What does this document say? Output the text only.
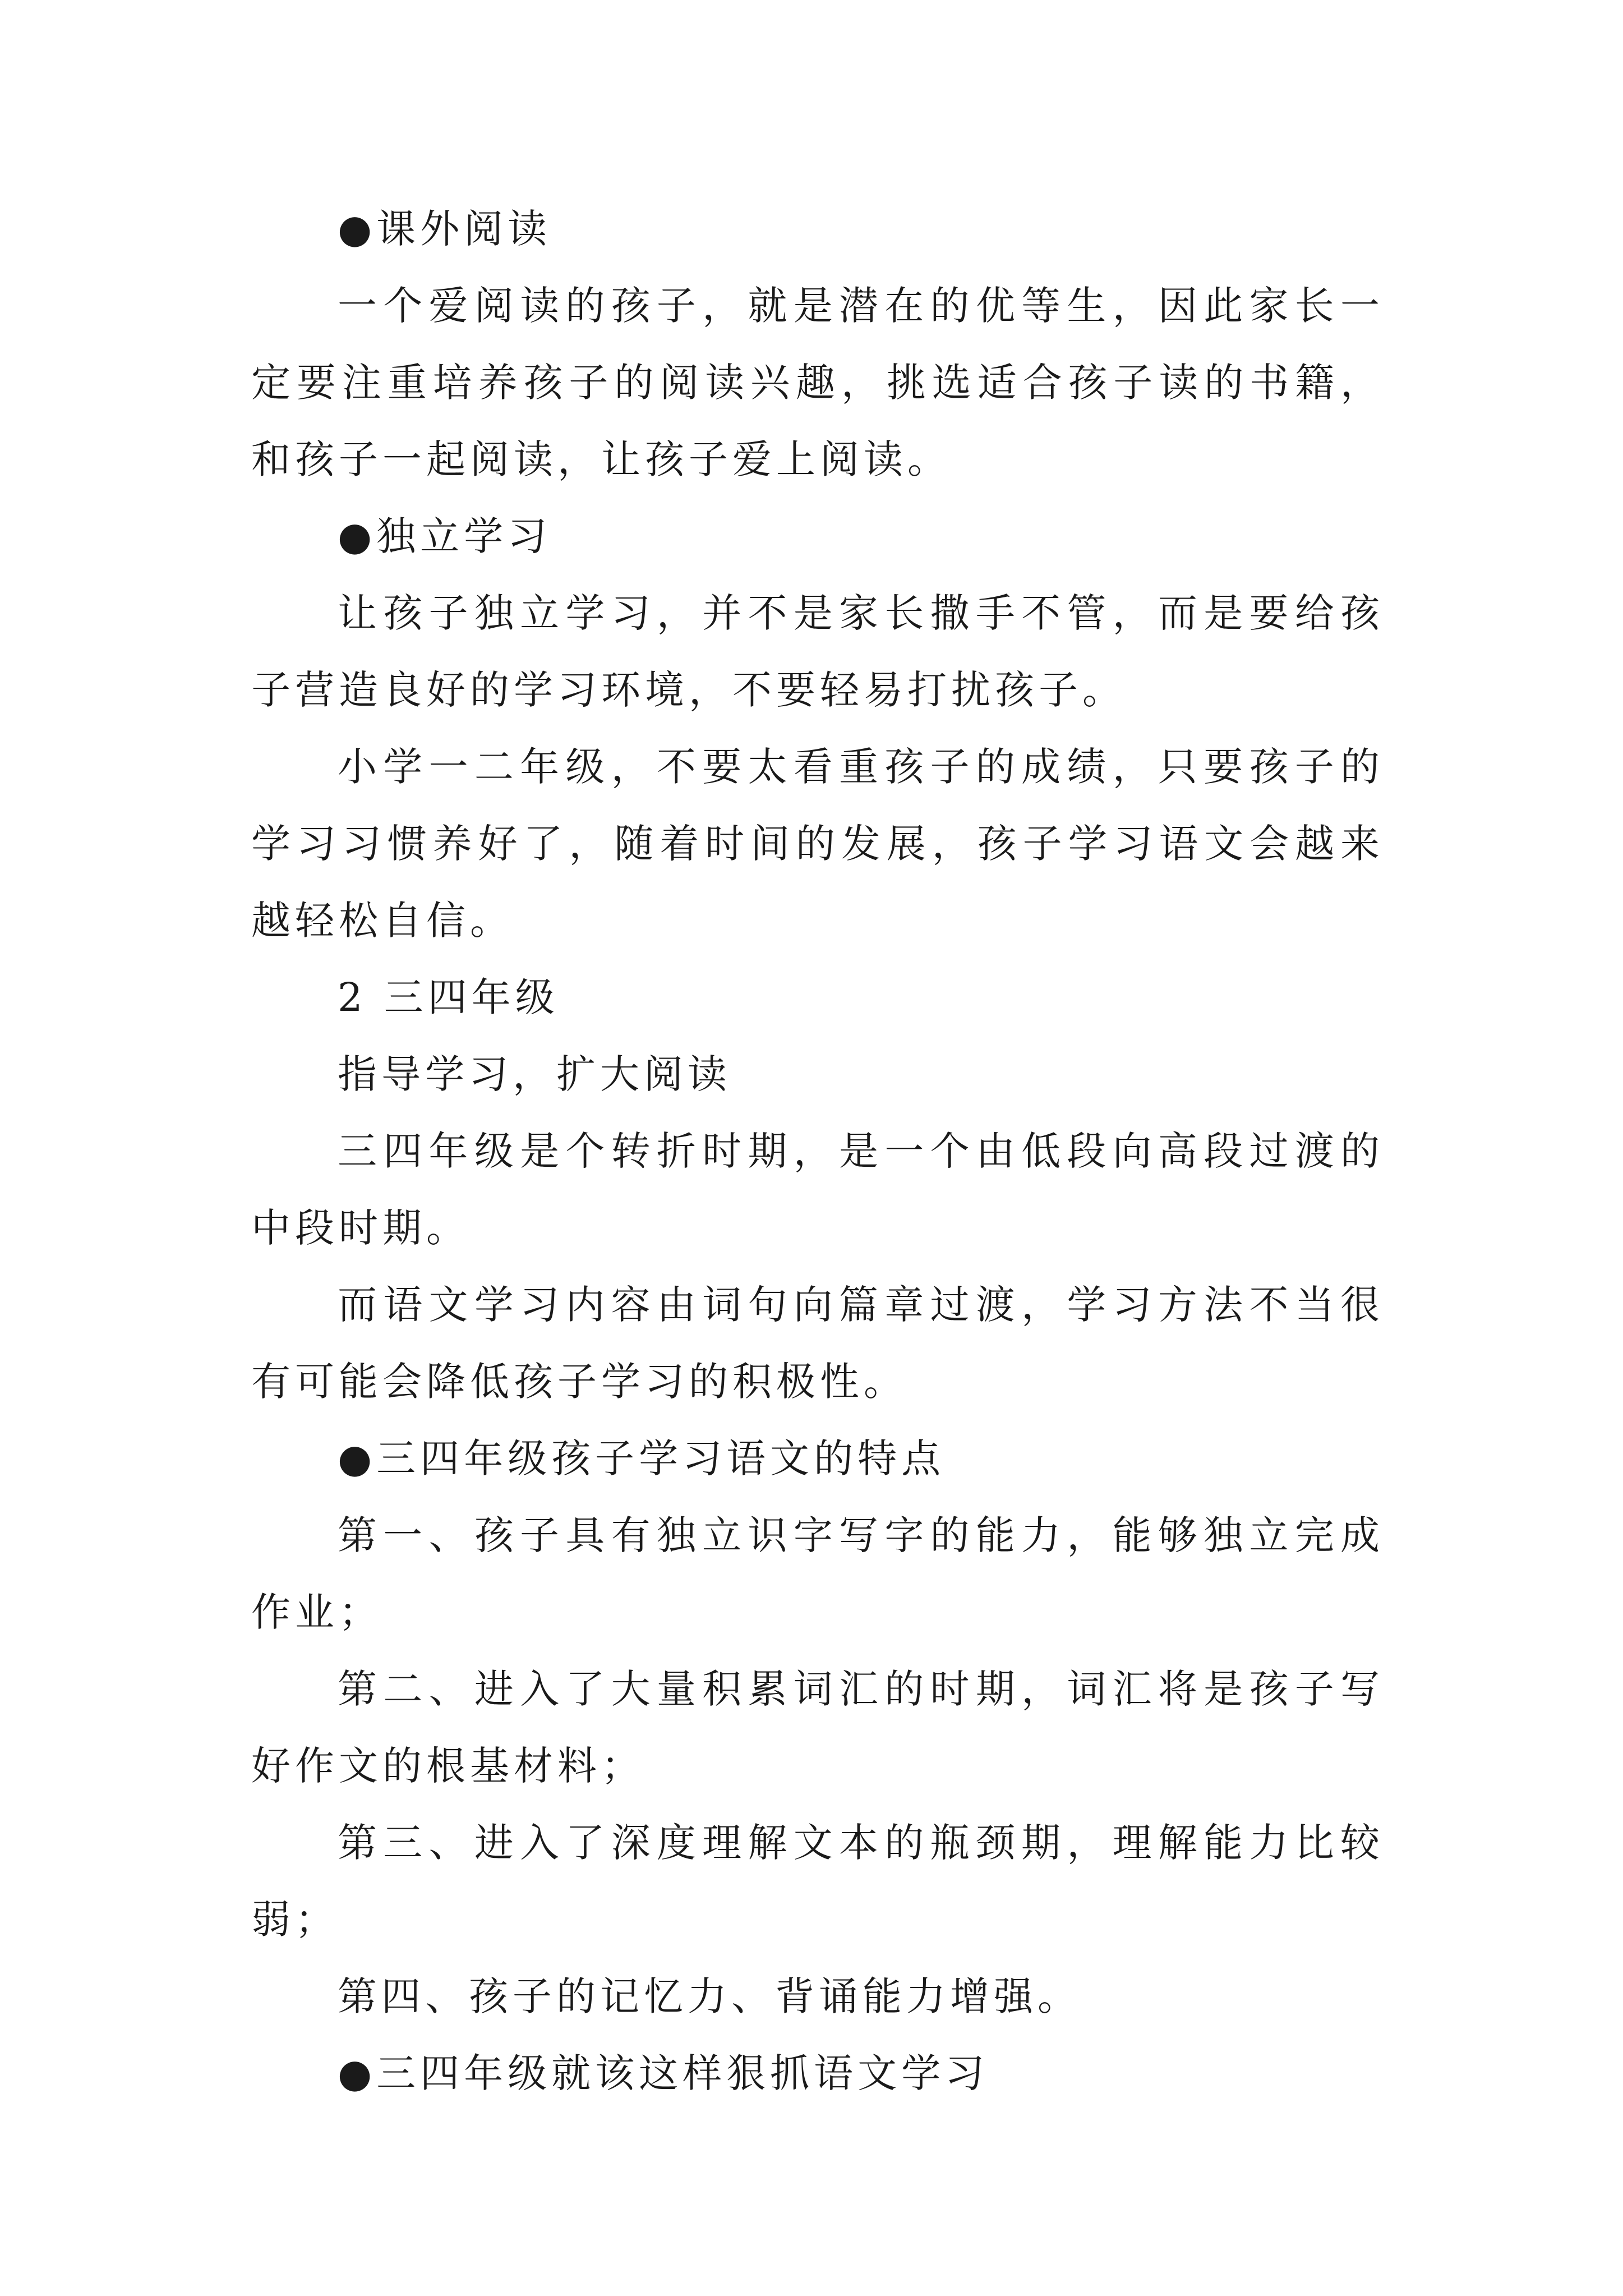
●课外阅读

一个爱阅读的孩子，就是潜在的优等生，因此家长一定要注重培养孩子的阅读兴趣，挑选适合孩子读的书籍，和孩子一起阅读，让孩子爱上阅读。

●独立学习

让孩子独立学习，并不是家长撒手不管，而是要给孩子营造良好的学习环境，不要轻易打扰孩子。

小学一二年级，不要太看重孩子的成绩，只要孩子的学习习惯养好了，随着时间的发展，孩子学习语文会越来越轻松自信。

2 三四年级

指导学习，扩大阅读

三四年级是个转折时期，是一个由低段向高段过渡的中段时期。

而语文学习内容由词句向篇章过渡，学习方法不当很有可能会降低孩子学习的积极性。

●三四年级孩子学习语文的特点

第一、孩子具有独立识字写字的能力，能够独立完成作业；

第二、进入了大量积累词汇的时期，词汇将是孩子写好作文的根基材料；

第三、进入了深度理解文本的瓶颈期，理解能力比较弱；

第四、孩子的记忆力、背诵能力增强。

●三四年级就该这样狠抓语文学习
